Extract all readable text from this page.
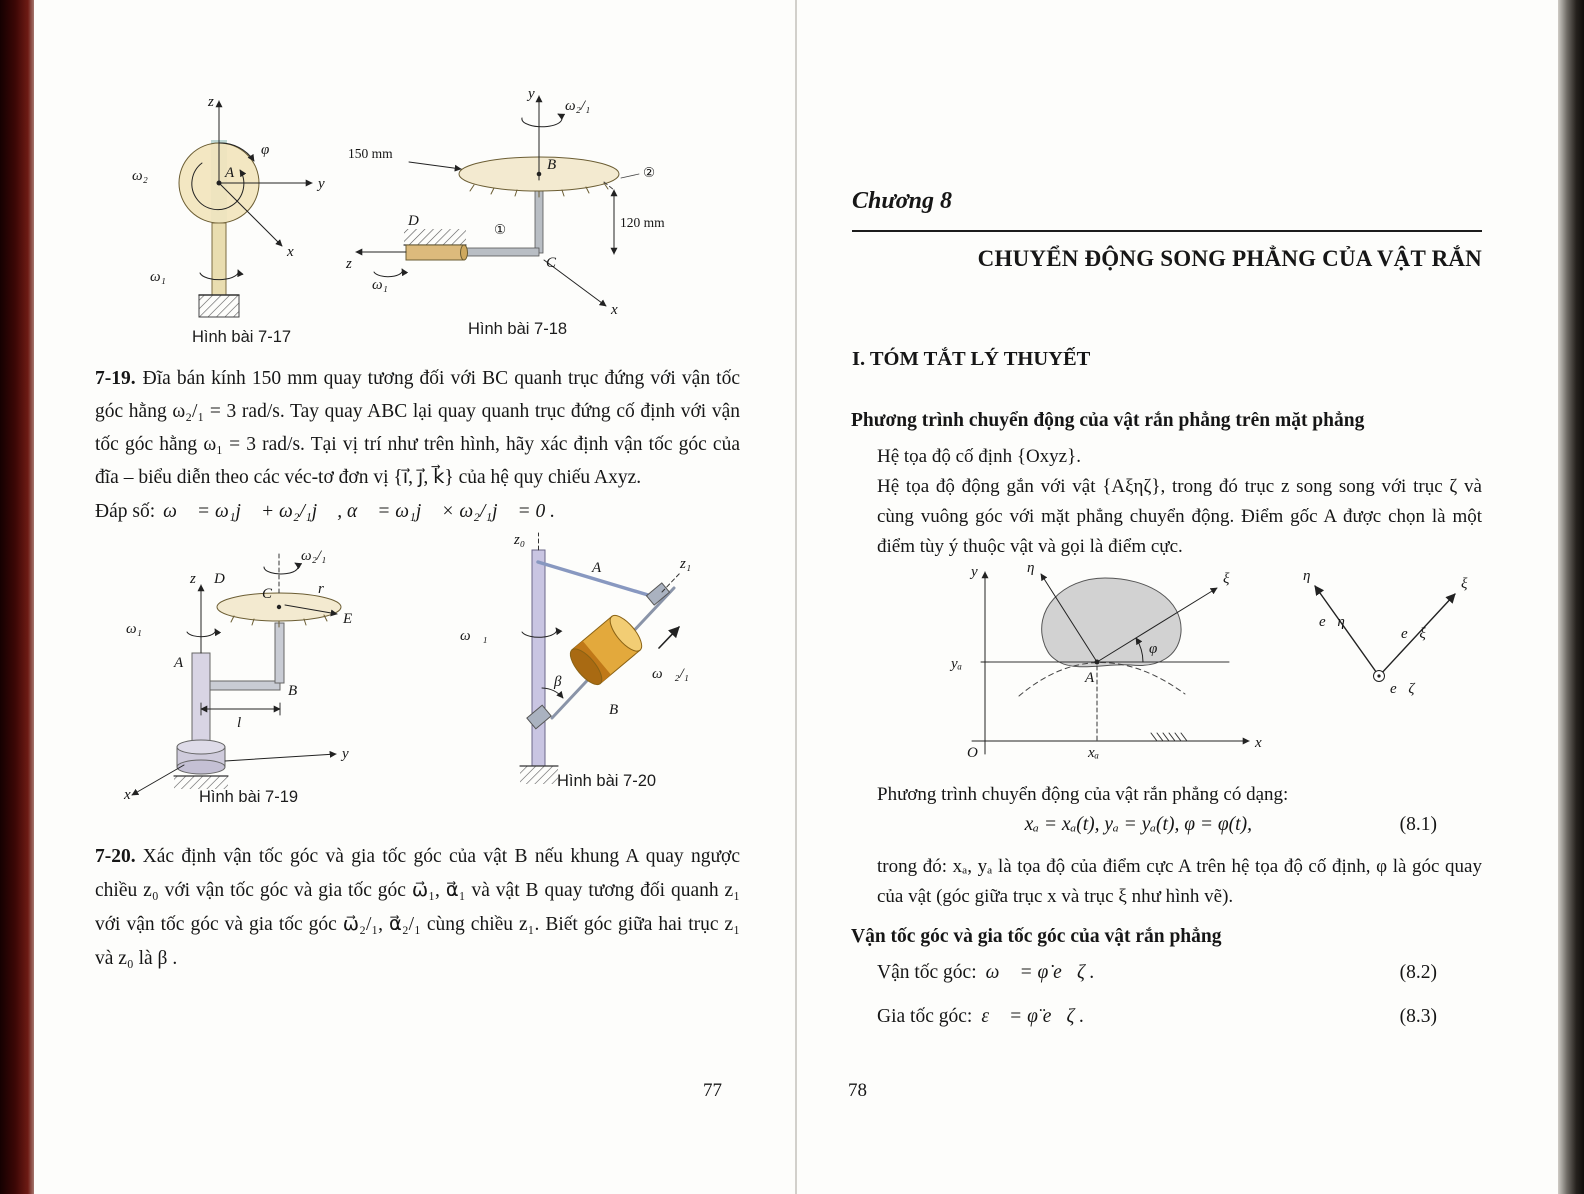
z
y
x
A
φ
ω₂
ω₁
Hình bài 7-17
y
ω₂/₁
B	②
150 mm
D
①
z
ω₁
C
x
120 mm
Hình bài 7-18
7-19. Đĩa bán kính 150 mm quay tương đối với BC quanh trục đứng với vận tốc góc hằng ω₂/₁ = 3 rad/s. Tay quay ABC lại quay quanh trục đứng cố định với vận tốc góc hằng ω₁ = 3 rad/s. Tại vị trí như trên hình, hãy xác định vận tốc góc của đĩa – biểu diễn theo các véc-tơ đơn vị {i⃗, j⃗, k⃗} của hệ quy chiếu Axyz.
Đáp số: ω⃗ = ω₁j⃗ + ω₂/₁j⃗ , α⃗ = ω₁j⃗ × ω₂/₁j⃗ = 0 .
ω₂/₁
D
C	r
E
z
ω₁
A
B
l
x
y
Hình bài 7-19
z₀
A	z₁
ω⃗₁
β
B
ω⃗₂/₁
Hình bài 7-20
7-20. Xác định vận tốc góc và gia tốc góc của vật B nếu khung A quay ngược chiều z₀ với vận tốc góc và gia tốc góc ω⃗₁, α⃗₁ và vật B quay tương đối quanh z₁ với vận tốc góc và gia tốc góc ω⃗₂/₁, α⃗₂/₁ cùng chiều z₁. Biết góc giữa hai trục z₁ và z₀ là β .
77
Chương 8
CHUYỂN ĐỘNG SONG PHẲNG CỦA VẬT RẮN
I. TÓM TẮT LÝ THUYẾT
Phương trình chuyển động của vật rắn phẳng trên mặt phẳng
Hệ tọa độ cố định {Oxyz}.
Hệ tọa độ động gắn với vật {Aξηζ}, trong đó trục z song song với trục ζ và cùng vuông góc với mặt phẳng chuyển động. Điểm gốc A được chọn là một điểm tùy ý thuộc vật và gọi là điểm cực.
y	η
ξ
φ
yₐ
A
O	xₐ
x
η	ξ
e⃗η
e⃗ξ
e⃗ζ
Phương trình chuyển động của vật rắn phẳng có dạng:
xₐ = xₐ(t), yₐ = yₐ(t), φ = φ(t),	(8.1)
trong đó: xₐ, yₐ là tọa độ của điểm cực A trên hệ tọa độ cố định, φ là góc quay của vật (góc giữa trục x và trục ξ như hình vẽ).
Vận tốc góc và gia tốc góc của vật rắn phẳng
Vận tốc góc: ω⃗ = φ̇ e⃗ζ .	(8.2)
Gia tốc góc: ε⃗ = φ̈ e⃗ζ .	(8.3)
78
